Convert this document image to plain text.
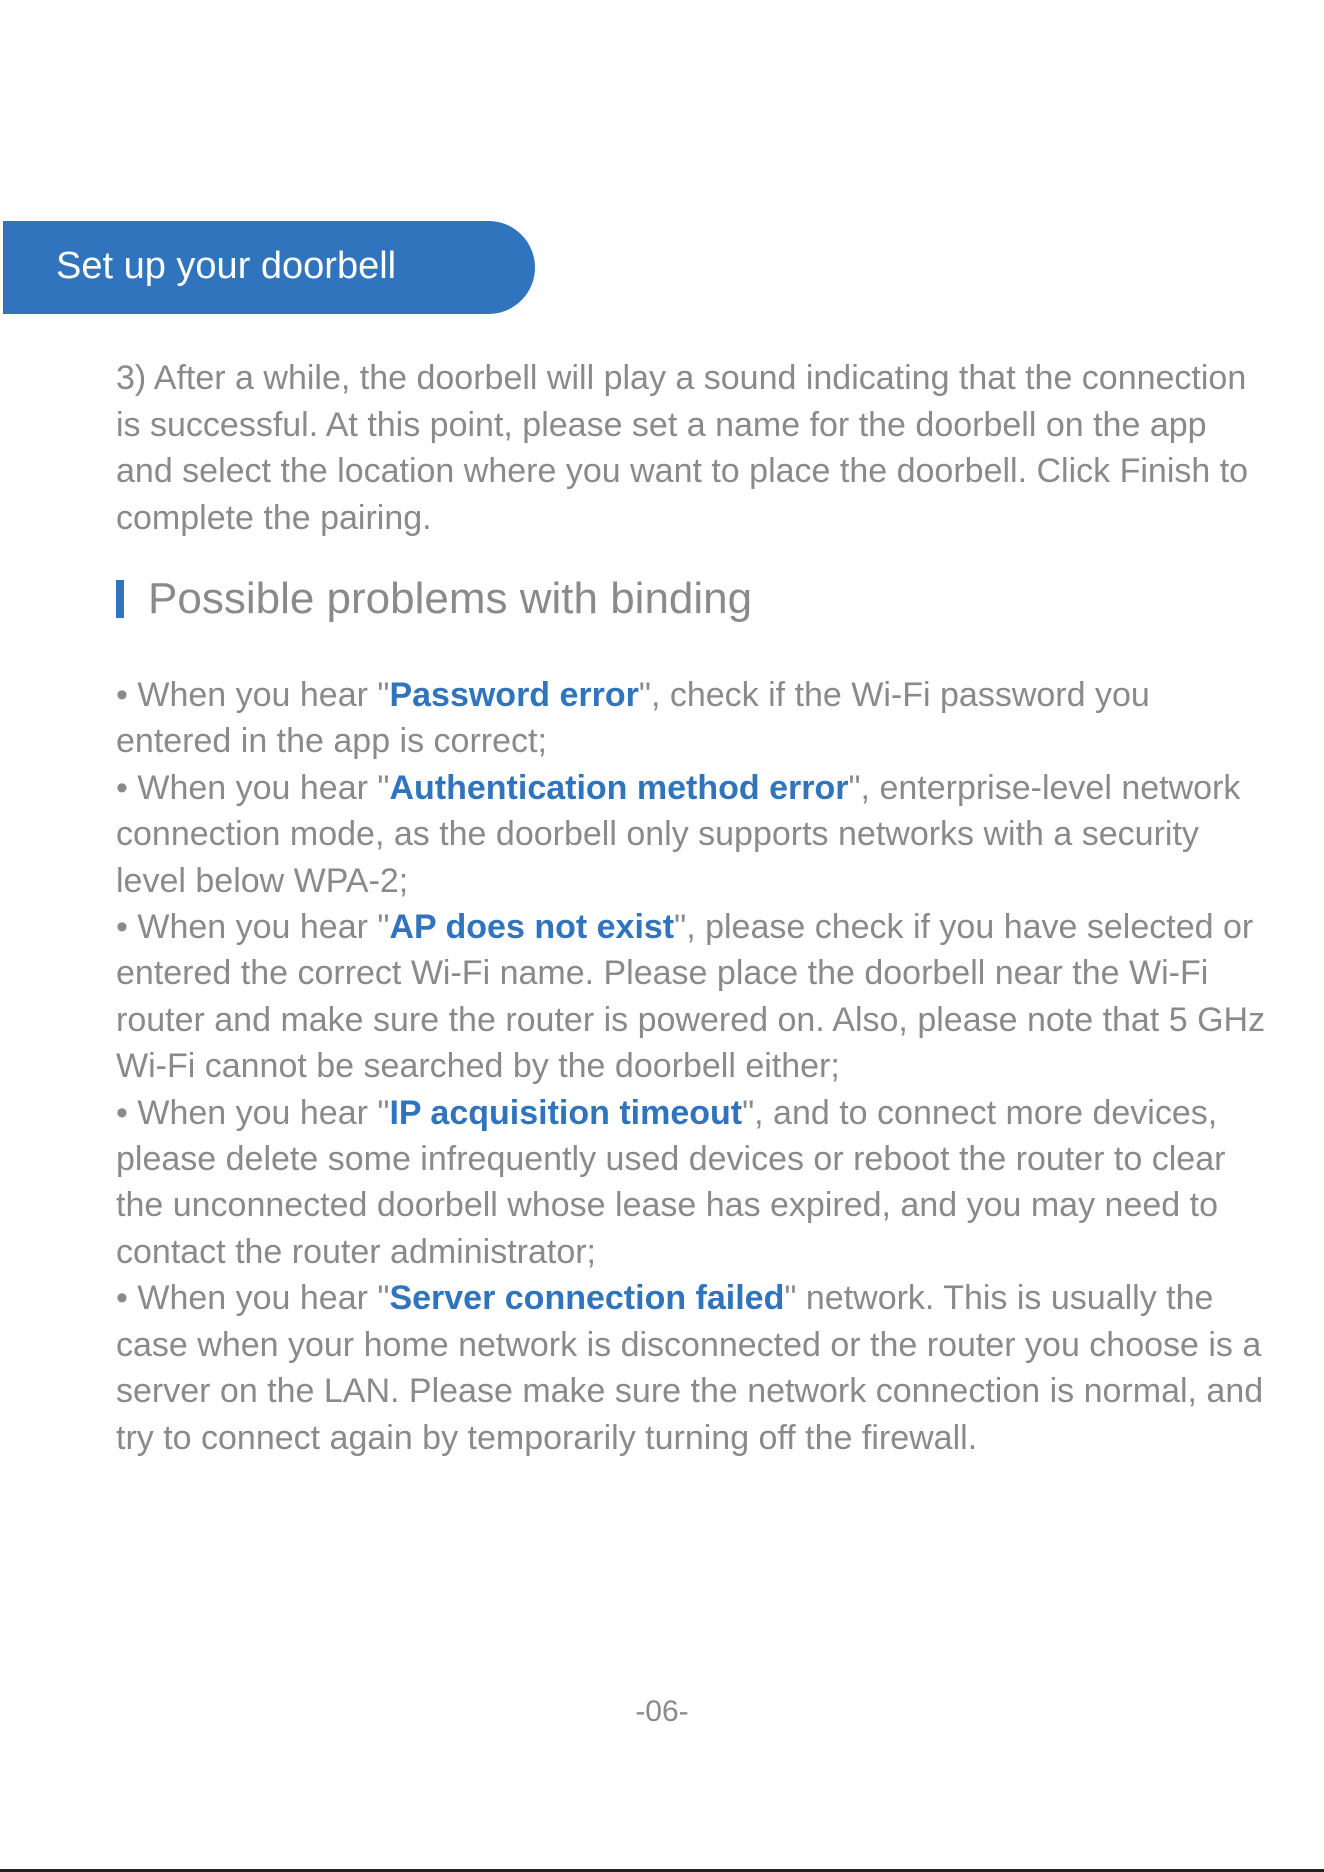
Set up your doorbell

3) After a while, the doorbell will play a sound indicating that the connection is successful. At this point, please set a name for the doorbell on the app and select the location where you want to place the doorbell. Click Finish to complete the pairing.

Possible problems with binding

• When you hear "Password error", check if the Wi-Fi password you entered in the app is correct;

• When you hear "Authentication method error", enterprise-level network connection mode, as the doorbell only supports networks with a security level below WPA-2;

• When you hear "AP does not exist", please check if you have selected or entered the correct Wi-Fi name. Please place the doorbell near the Wi-Fi router and make sure the router is powered on. Also, please note that 5 GHz Wi-Fi cannot be searched by the doorbell either;

• When you hear "IP acquisition timeout", and to connect more devices, please delete some infrequently used devices or reboot the router to clear the unconnected doorbell whose lease has expired, and you may need to contact the router administrator;

• When you hear "Server connection failed" network. This is usually the case when your home network is disconnected or the router you choose is a server on the LAN. Please make sure the network connection is normal, and try to connect again by temporarily turning off the firewall.

-06-
